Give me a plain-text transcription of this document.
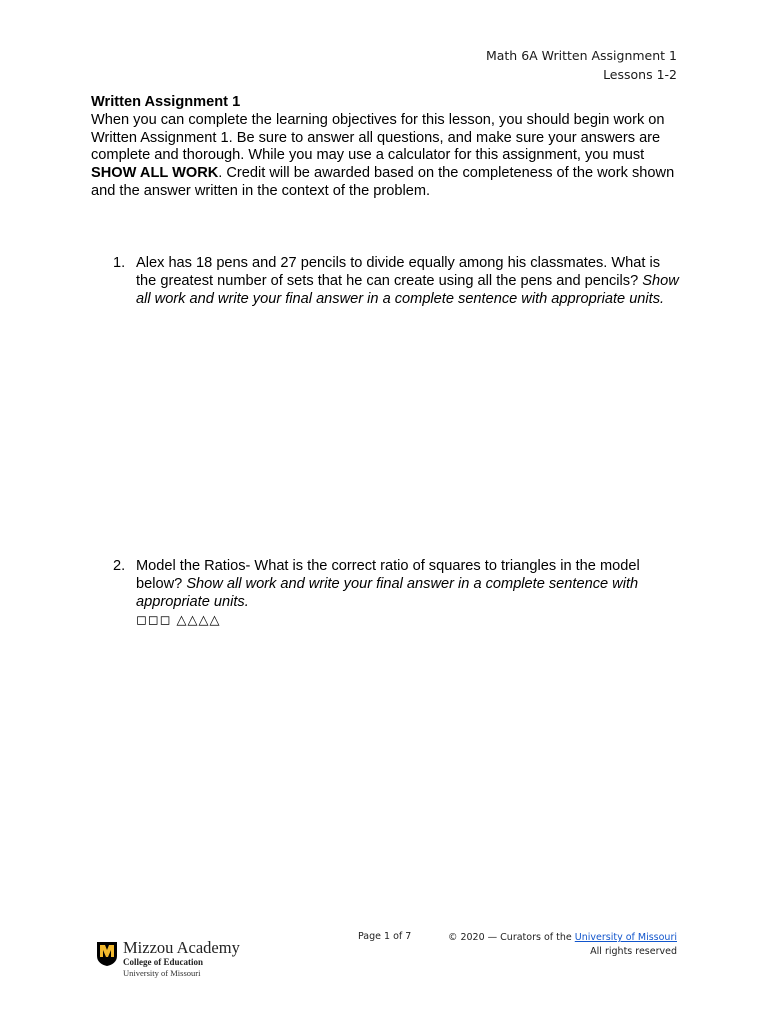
Math 6A Written Assignment 1
Lessons 1-2
Written Assignment 1
When you can complete the learning objectives for this lesson, you should begin work on Written Assignment 1. Be sure to answer all questions, and make sure your answers are complete and thorough. While you may use a calculator for this assignment, you must SHOW ALL WORK. Credit will be awarded based on the completeness of the work shown and the answer written in the context of the problem.
1. Alex has 18 pens and 27 pencils to divide equally among his classmates. What is the greatest number of sets that he can create using all the pens and pencils? Show all work and write your final answer in a complete sentence with appropriate units.
2. Model the Ratios- What is the correct ratio of squares to triangles in the model below? Show all work and write your final answer in a complete sentence with appropriate units.
◻◻◻ △△△△
Mizzou Academy
College of Education
University of Missouri
Page 1 of 7	© 2020 — Curators of the University of Missouri
All rights reserved
